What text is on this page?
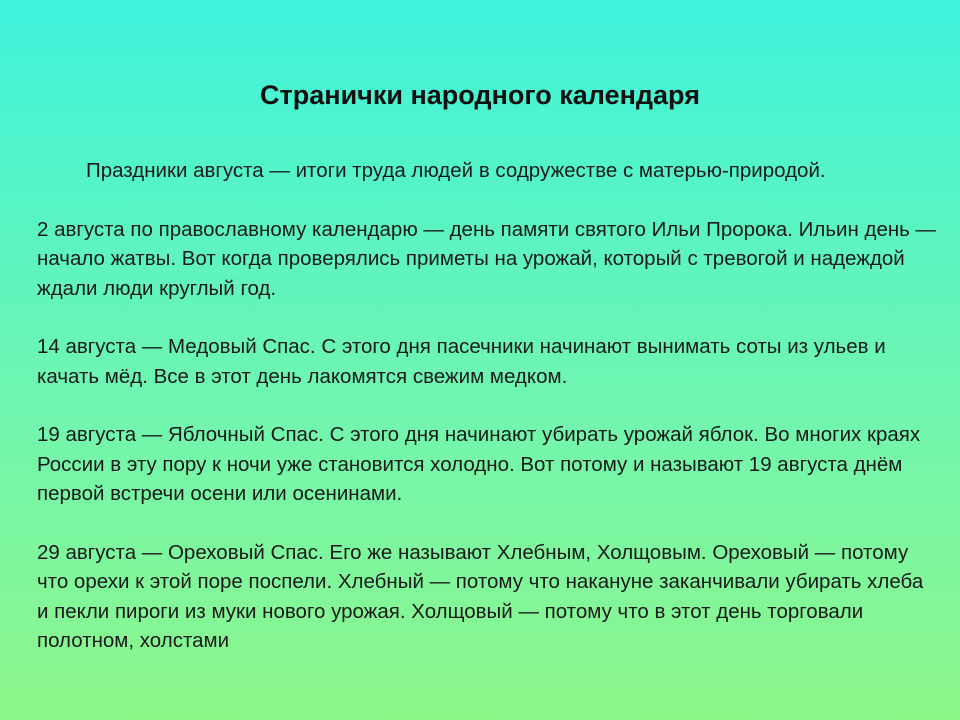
Странички народного календаря

Праздники августа — итоги труда людей в содружестве с матерью-природой.

2 августа по православному календарю — день памяти святого Ильи Пророка. Ильин день — начало жатвы. Вот когда проверялись приметы на урожай, который с тревогой и надеждой ждали люди круглый год.

14 августа — Медовый Спас. С этого дня пасечники начинают вынимать соты из ульев и качать мёд. Все в этот день лакомятся свежим медком.

19 августа — Яблочный Спас. С этого дня начинают убирать урожай яблок. Во многих краях России в эту пору к ночи уже становится холодно. Вот потому и называют 19 августа днём первой встречи осени или осенинами.

29 августа — Ореховый Спас. Его же называют Хлебным, Холщовым. Ореховый — потому что орехи к этой поре поспели. Хлебный — потому что накануне заканчивали убирать хлеба и пекли пироги из муки нового урожая. Холщовый — потому что в этот день торговали полотном, холстами
